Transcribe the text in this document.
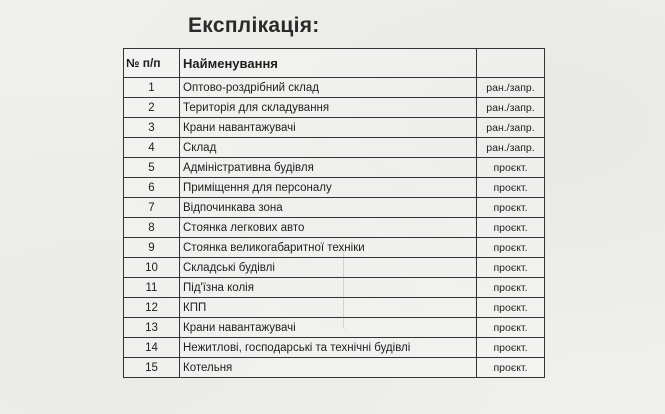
Експлікація:
№ п/п	Найменування	
1	Оптово-роздрібний склад	ран./запр.
2	Територія для складування	ран./запр.
3	Крани навантажувачі	ран./запр.
4	Склад	ран./запр.
5	Адміністративна будівля	проєкт.
6	Приміщення для персоналу	проєкт.
7	Відпочинкава зона	проєкт.
8	Стоянка легкових авто	проєкт.
9	Стоянка великогабаритної техніки	проєкт.
10	Складські будівлі	проєкт.
11	Під'їзна колія	проєкт.
12	КПП	проєкт.
13	Крани навантажувачі	проєкт.
14	Нежитлові, господарські та технічні будівлі	проєкт.
15	Котельня	проєкт.
